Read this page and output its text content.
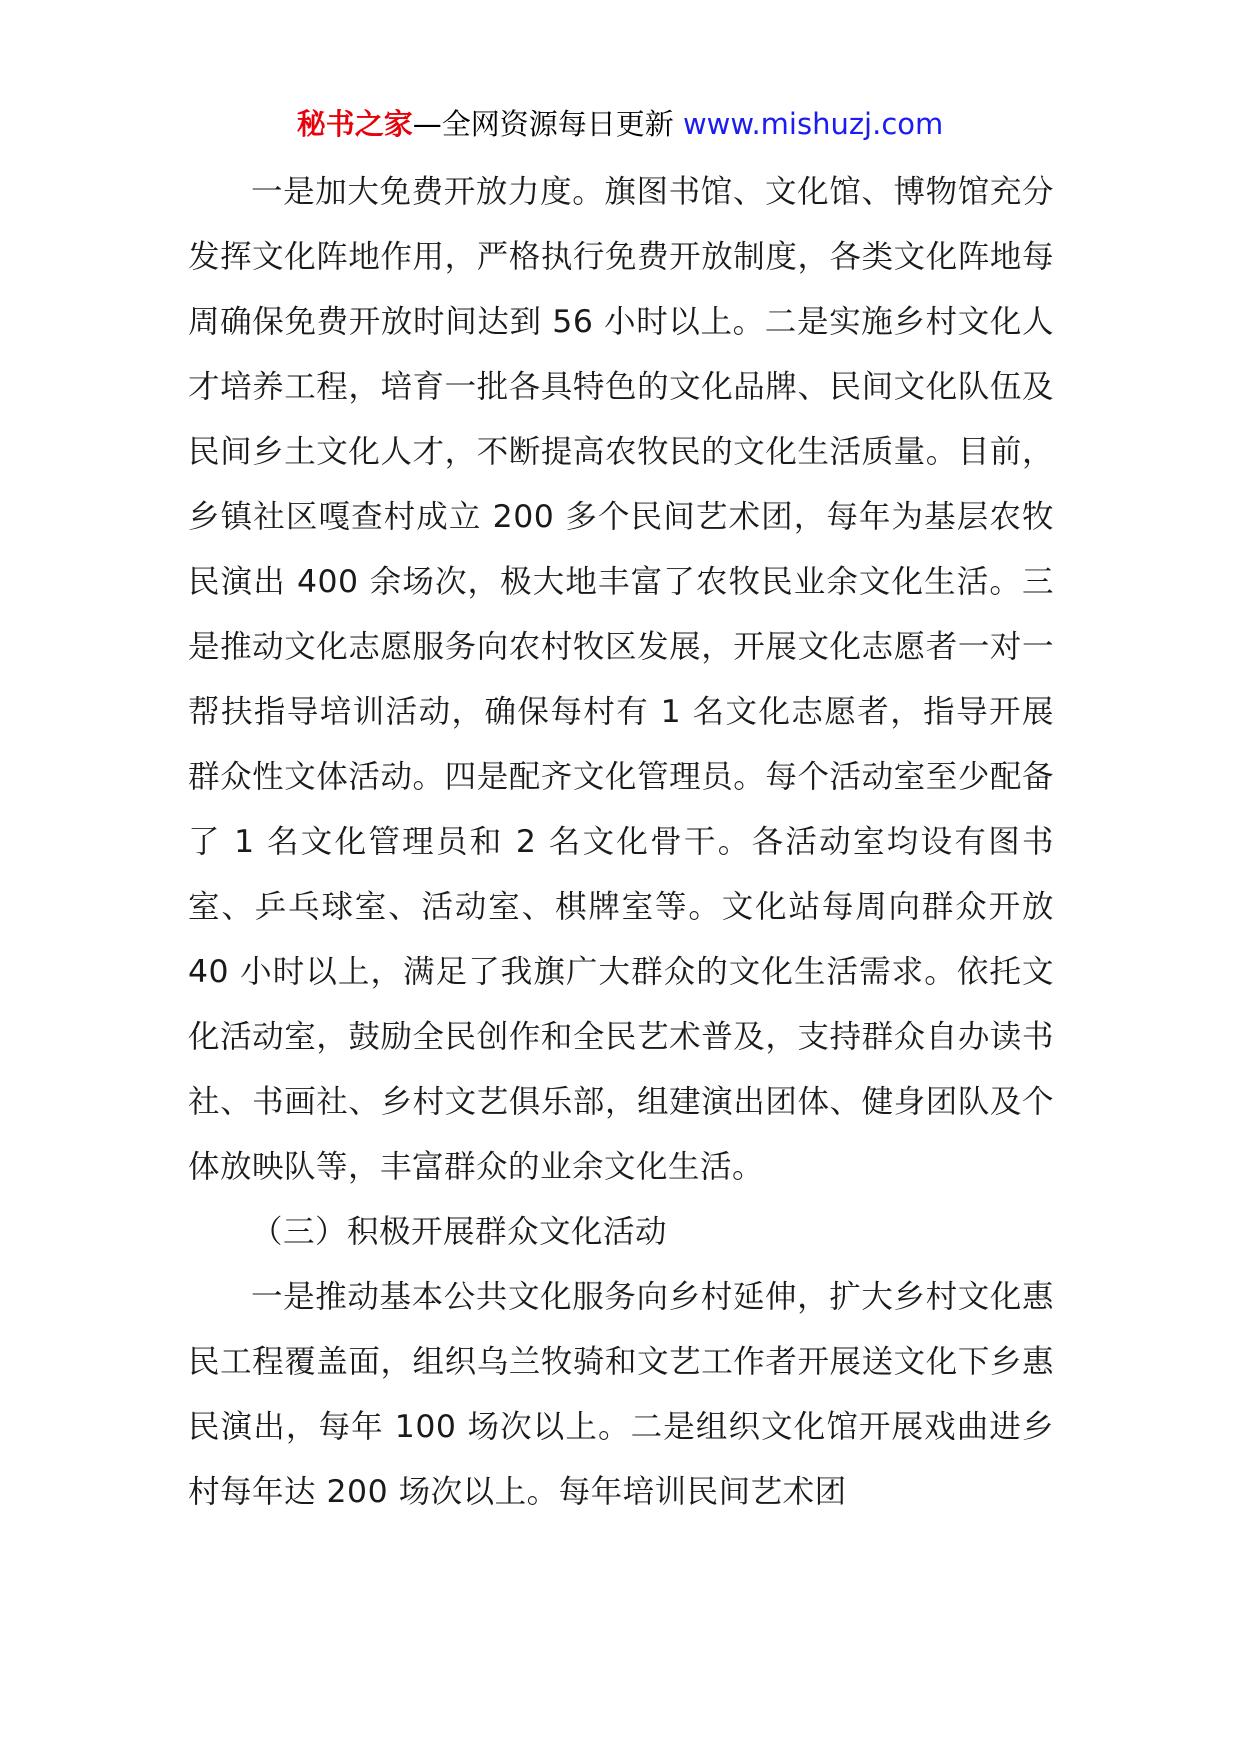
秘书之家—全网资源每日更新 www.mishuzj.com

一是加大免费开放力度。旗图书馆、文化馆、博物馆充分发挥文化阵地作用，严格执行免费开放制度，各类文化阵地每周确保免费开放时间达到 56 小时以上。二是实施乡村文化人才培养工程，培育一批各具特色的文化品牌、民间文化队伍及民间乡土文化人才，不断提高农牧民的文化生活质量。目前，乡镇社区嘎查村成立 200 多个民间艺术团，每年为基层农牧民演出 400 余场次，极大地丰富了农牧民业余文化生活。三是推动文化志愿服务向农村牧区发展，开展文化志愿者一对一帮扶指导培训活动，确保每村有 1 名文化志愿者，指导开展群众性文体活动。四是配齐文化管理员。每个活动室至少配备了 1 名文化管理员和 2 名文化骨干。各活动室均设有图书室、乒乓球室、活动室、棋牌室等。文化站每周向群众开放 40 小时以上，满足了我旗广大群众的文化生活需求。依托文化活动室，鼓励全民创作和全民艺术普及，支持群众自办读书社、书画社、乡村文艺俱乐部，组建演出团体、健身团队及个体放映队等，丰富群众的业余文化生活。

（三）积极开展群众文化活动

一是推动基本公共文化服务向乡村延伸，扩大乡村文化惠民工程覆盖面，组织乌兰牧骑和文艺工作者开展送文化下乡惠民演出，每年 100 场次以上。二是组织文化馆开展戏曲进乡村每年达 200 场次以上。每年培训民间艺术团
